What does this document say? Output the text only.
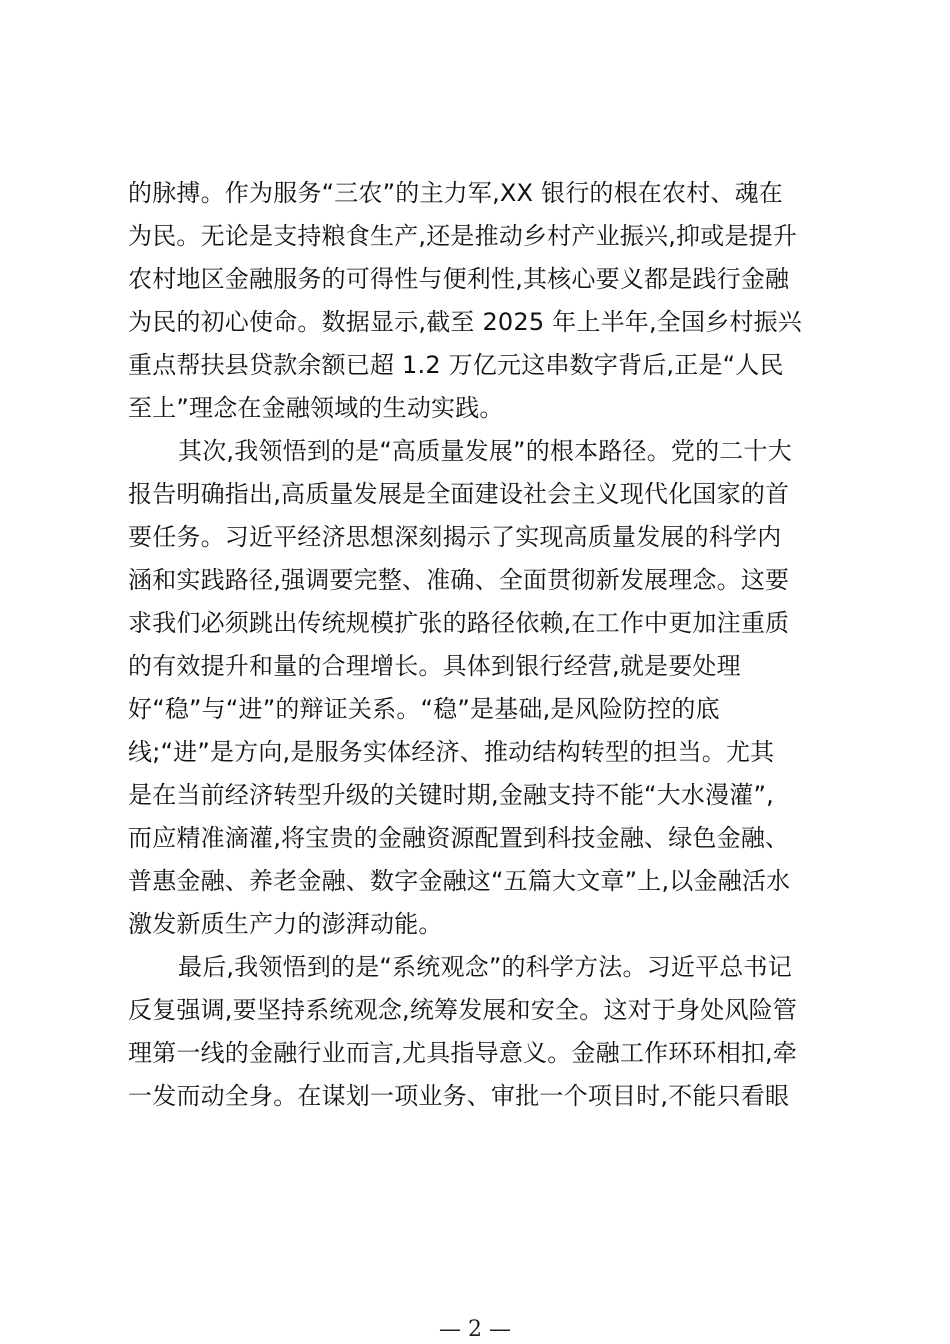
的脉搏。作为服务“三农”的主力军,XX 银行的根在农村、魂在
为民。无论是支持粮食生产,还是推动乡村产业振兴,抑或是提升
农村地区金融服务的可得性与便利性,其核心要义都是践行金融
为民的初心使命。数据显示,截至 2025 年上半年,全国乡村振兴
重点帮扶县贷款余额已超 1.2 万亿元这串数字背后,正是“人民
至上”理念在金融领域的生动实践。
其次,我领悟到的是“高质量发展”的根本路径。党的二十大
报告明确指出,高质量发展是全面建设社会主义现代化国家的首
要任务。习近平经济思想深刻揭示了实现高质量发展的科学内
涵和实践路径,强调要完整、准确、全面贯彻新发展理念。这要
求我们必须跳出传统规模扩张的路径依赖,在工作中更加注重质
的有效提升和量的合理增长。具体到银行经营,就是要处理
好“稳”与“进”的辩证关系。“稳”是基础,是风险防控的底
线;“进”是方向,是服务实体经济、推动结构转型的担当。尤其
是在当前经济转型升级的关键时期,金融支持不能“大水漫灌”,
而应精准滴灌,将宝贵的金融资源配置到科技金融、绿色金融、
普惠金融、养老金融、数字金融这“五篇大文章”上,以金融活水
激发新质生产力的澎湃动能。
最后,我领悟到的是“系统观念”的科学方法。习近平总书记
反复强调,要坚持系统观念,统筹发展和安全。这对于身处风险管
理第一线的金融行业而言,尤具指导意义。金融工作环环相扣,牵
一发而动全身。在谋划一项业务、审批一个项目时,不能只看眼
— 2 —
